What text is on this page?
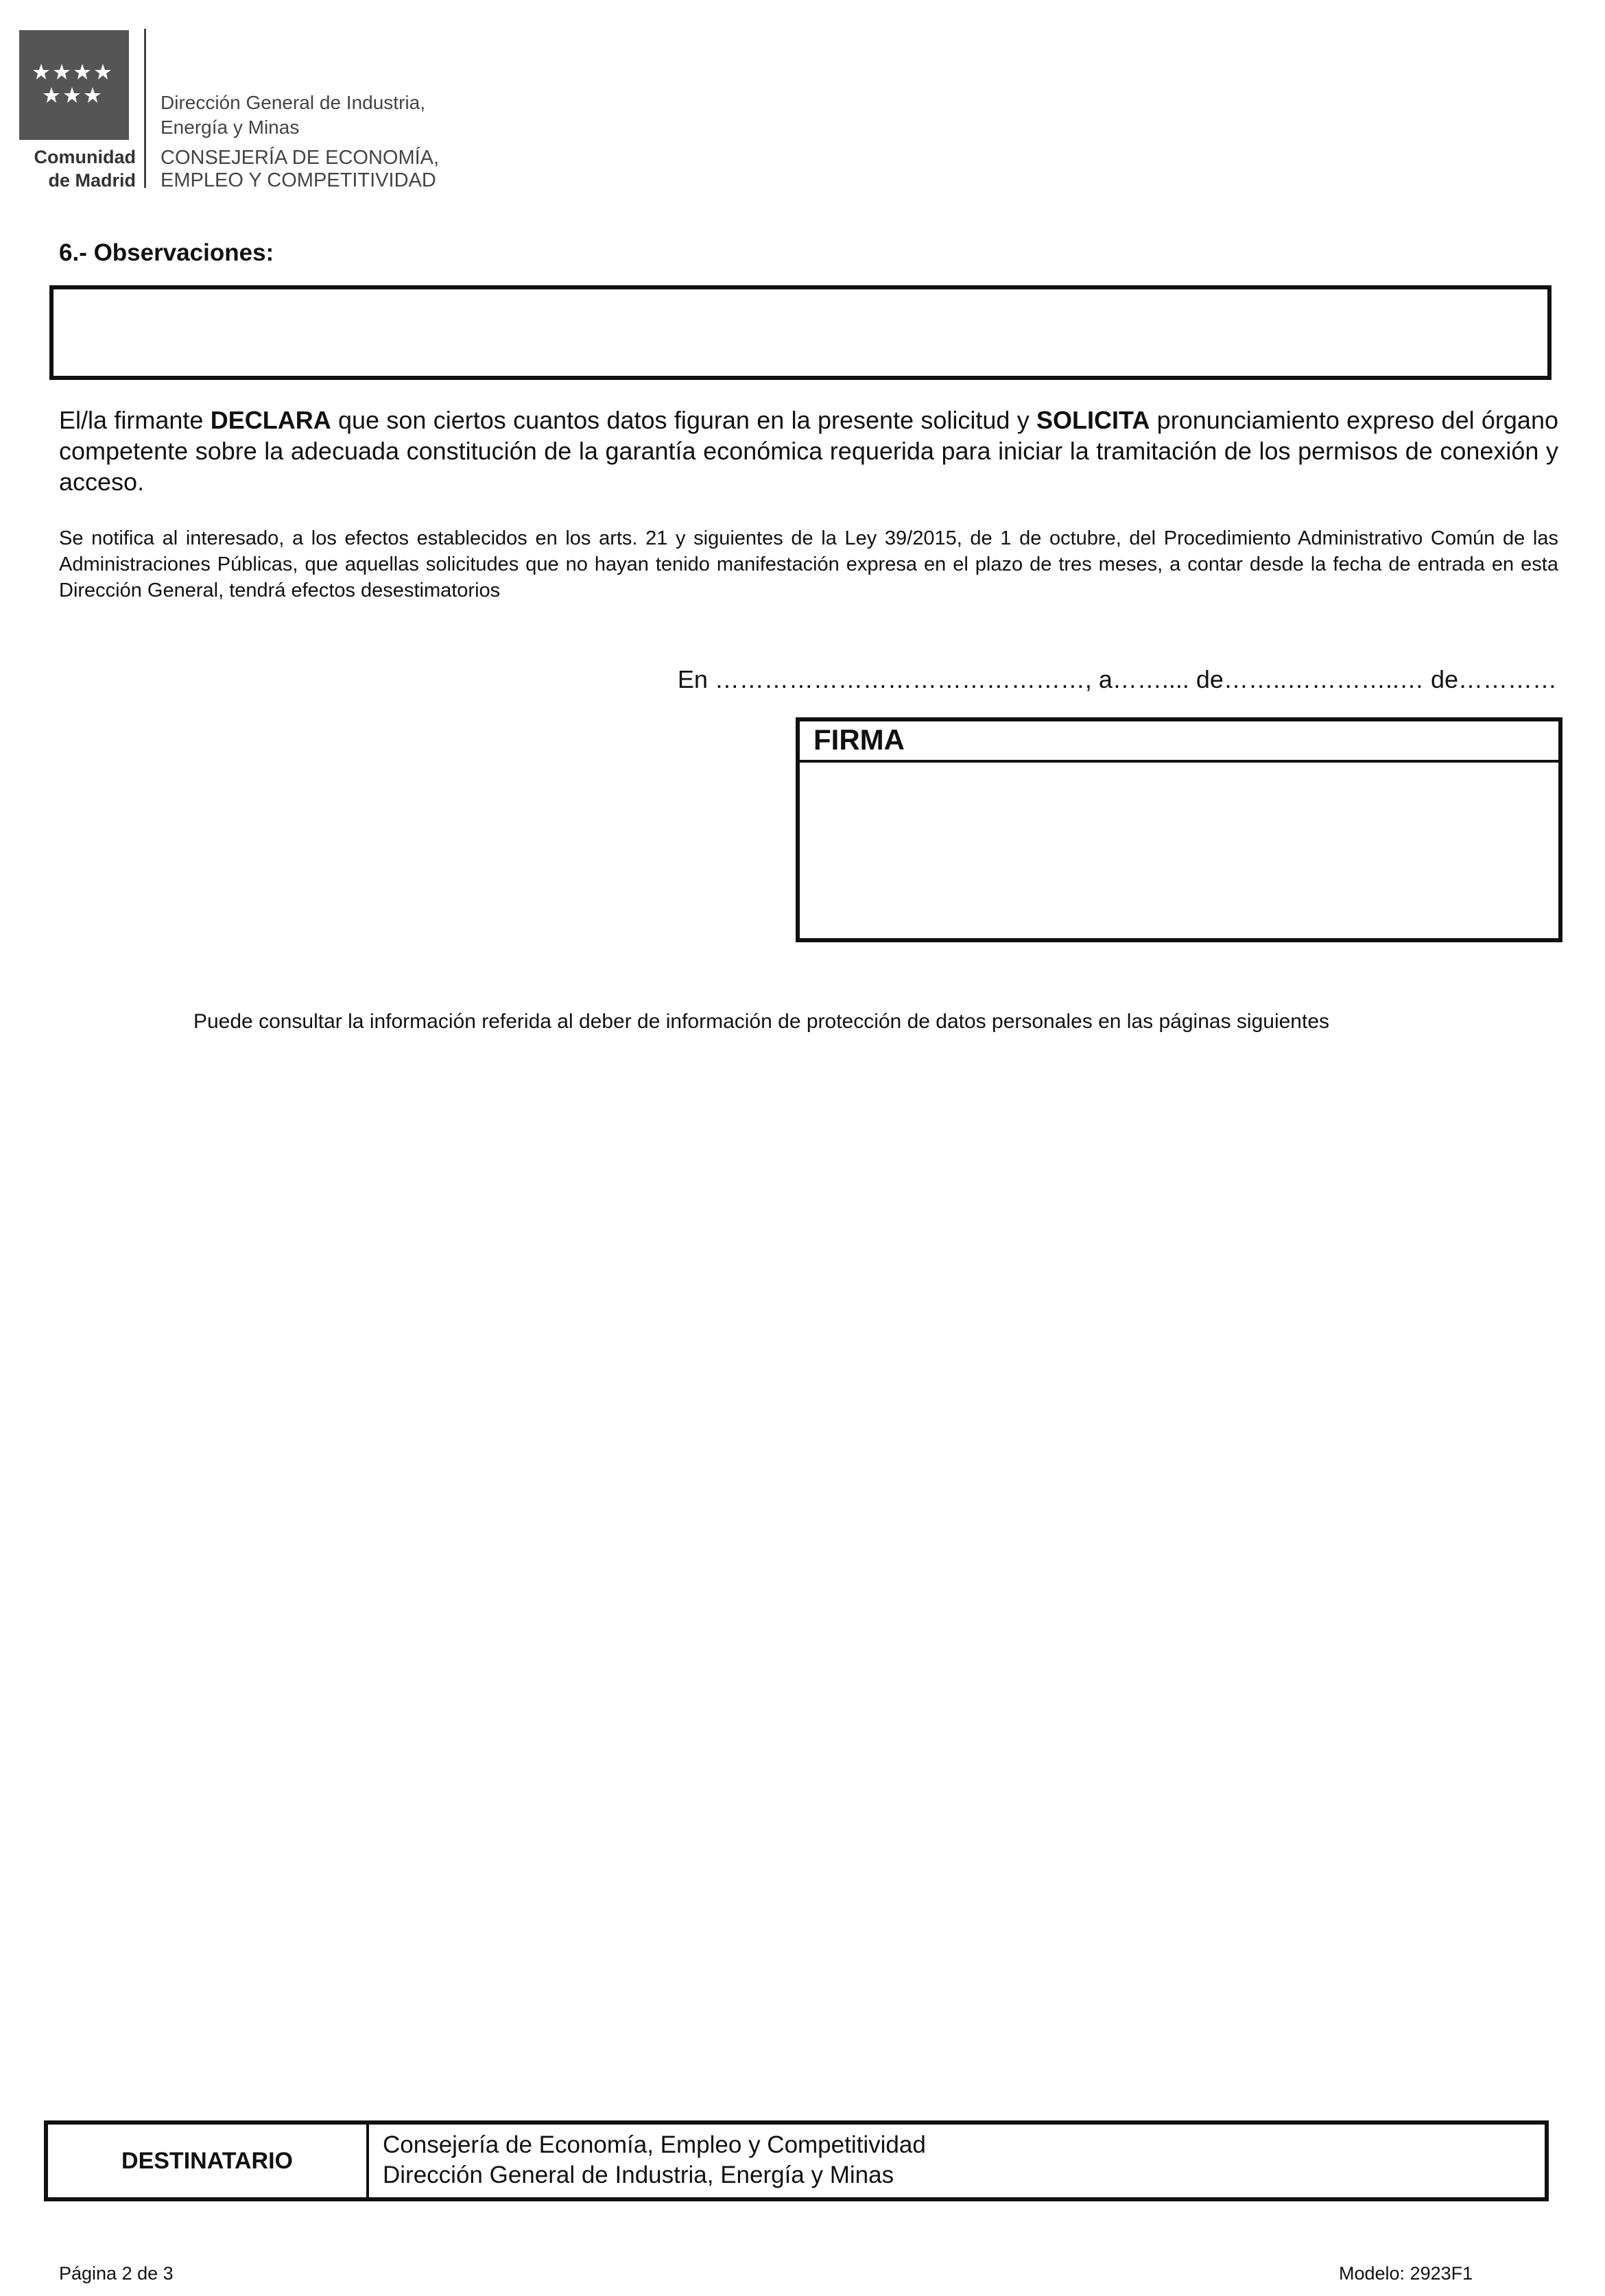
Comunidad
de Madrid
Dirección General de Industria,
Energía y Minas
CONSEJERÍA DE ECONOMÍA,
EMPLEO Y COMPETITIVIDAD
6.- Observaciones:
El/la firmante DECLARA que son ciertos cuantos datos figuran en la presente solicitud y SOLICITA pronunciamiento expreso del órgano competente sobre la adecuada constitución de la garantía económica requerida para iniciar la tramitación de los permisos de conexión y acceso.
Se notifica al interesado, a los efectos establecidos en los arts. 21 y siguientes de la Ley 39/2015, de 1 de octubre, del Procedimiento Administrativo Común de las Administraciones Públicas, que aquellas solicitudes que no hayan tenido manifestación expresa en el plazo de tres meses, a contar desde la fecha de entrada en esta Dirección General, tendrá efectos desestimatorios
En ………………………………………, a…….... de……..…………..… de…………
FIRMA
Puede consultar la información referida al deber de información de protección de datos personales en las páginas siguientes
DESTINATARIO
Consejería de Economía, Empleo y Competitividad
Dirección General de Industria, Energía y Minas
Página 2 de 3	Modelo: 2923F1
